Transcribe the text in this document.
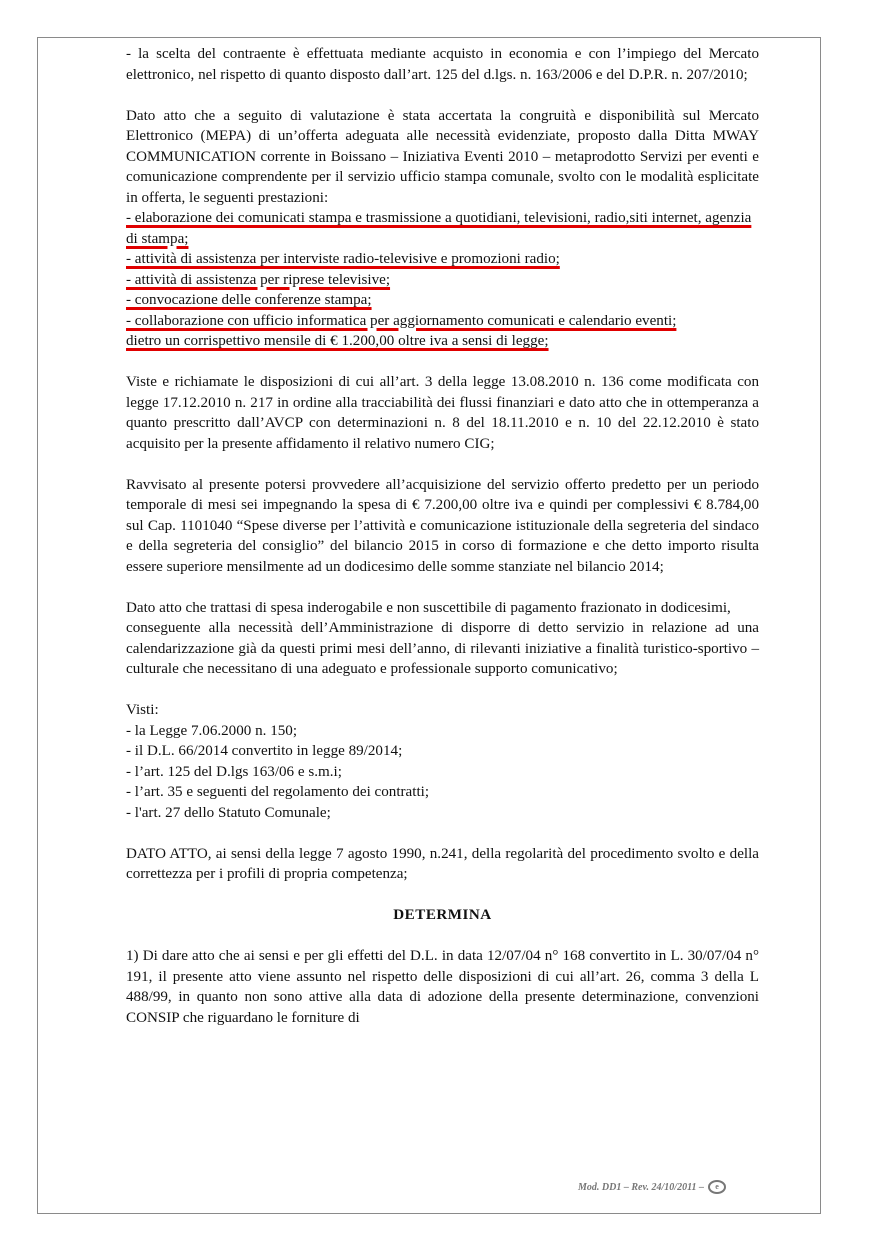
- la scelta del contraente è effettuata mediante acquisto in economia e con l’impiego del Mercato elettronico, nel rispetto di quanto disposto dall’art. 125 del d.lgs. n. 163/2006 e del D.P.R. n. 207/2010;

Dato atto che a seguito di valutazione è stata accertata la congruità e disponibilità sul Mercato Elettronico (MEPA) di un’offerta adeguata alle necessità evidenziate, proposto dalla Ditta MWAY COMMUNICATION corrente in Boissano – Iniziativa Eventi 2010 – metaprodotto Servizi per eventi e comunicazione comprendente per il servizio ufficio stampa comunale, svolto con le modalità esplicitate in offerta, le seguenti prestazioni:

- elaborazione dei comunicati stampa e trasmissione a quotidiani, televisioni, radio,siti internet, agenzia di stampa;
- attività di assistenza per interviste radio-televisive e promozioni radio;
- attività di assistenza per riprese televisive;
- convocazione delle conferenze stampa;
- collaborazione con ufficio informatica per aggiornamento comunicati e calendario eventi;
dietro un corrispettivo mensile di € 1.200,00 oltre iva a sensi di legge;

Viste e richiamate le disposizioni di cui all’art. 3 della legge 13.08.2010 n. 136 come modificata con legge 17.12.2010 n. 217 in ordine alla tracciabilità dei flussi finanziari e dato atto che in ottemperanza a quanto prescritto dall’AVCP con determinazioni n. 8 del 18.11.2010 e n. 10 del 22.12.2010 è stato acquisito per la presente affidamento il relativo numero CIG;

Ravvisato al presente potersi provvedere all’acquisizione del servizio offerto predetto per un periodo temporale di mesi sei impegnando la spesa di € 7.200,00 oltre iva e quindi per complessivi € 8.784,00 sul Cap. 1101040 “Spese diverse per l’attività e comunicazione istituzionale della segreteria del sindaco e della segreteria del consiglio” del bilancio 2015 in corso di formazione e che detto importo risulta essere superiore mensilmente ad un dodicesimo delle somme stanziate nel bilancio 2014;

Dato atto che trattasi di spesa inderogabile e non suscettibile di pagamento frazionato in dodicesimi,

conseguente alla necessità dell’Amministrazione di disporre di detto servizio in relazione ad una calendarizzazione già da questi primi mesi dell’anno, di rilevanti iniziative a finalità turistico-sportivo –culturale che necessitano di una adeguato e professionale supporto comunicativo;

Visti:
- la Legge 7.06.2000 n. 150;
- il D.L. 66/2014 convertito in legge 89/2014;
- l’art. 125 del D.lgs 163/06 e s.m.i;
- l’art. 35 e seguenti del regolamento dei contratti;
- l'art. 27 dello Statuto Comunale;

DATO ATTO, ai sensi della legge 7 agosto 1990, n.241, della regolarità del procedimento svolto e della correttezza per i profili di propria competenza;

DETERMINA

1) Di dare atto che ai sensi e per gli effetti del D.L. in data 12/07/04 n° 168 convertito in L. 30/07/04 n° 191, il presente atto viene assunto nel rispetto delle disposizioni di cui all’art. 26, comma 3 della L 488/99, in quanto non sono attive alla data di adozione della presente determinazione, convenzioni CONSIP che riguardano le forniture di

Mod. DD1 – Rev. 24/10/2011 –	e
